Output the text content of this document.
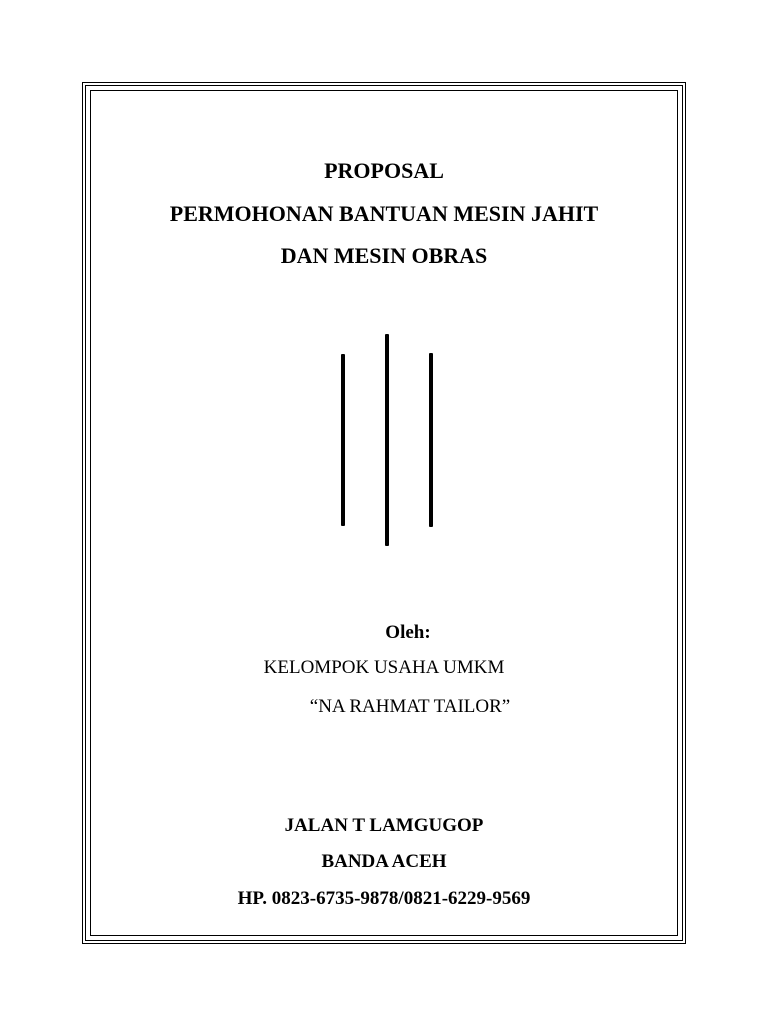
PROPOSAL
PERMOHONAN BANTUAN MESIN JAHIT
DAN MESIN OBRAS
Oleh:
KELOMPOK USAHA UMKM
“NA RAHMAT TAILOR”
JALAN T LAMGUGOP
BANDA ACEH
HP. 0823-6735-9878/0821-6229-9569
